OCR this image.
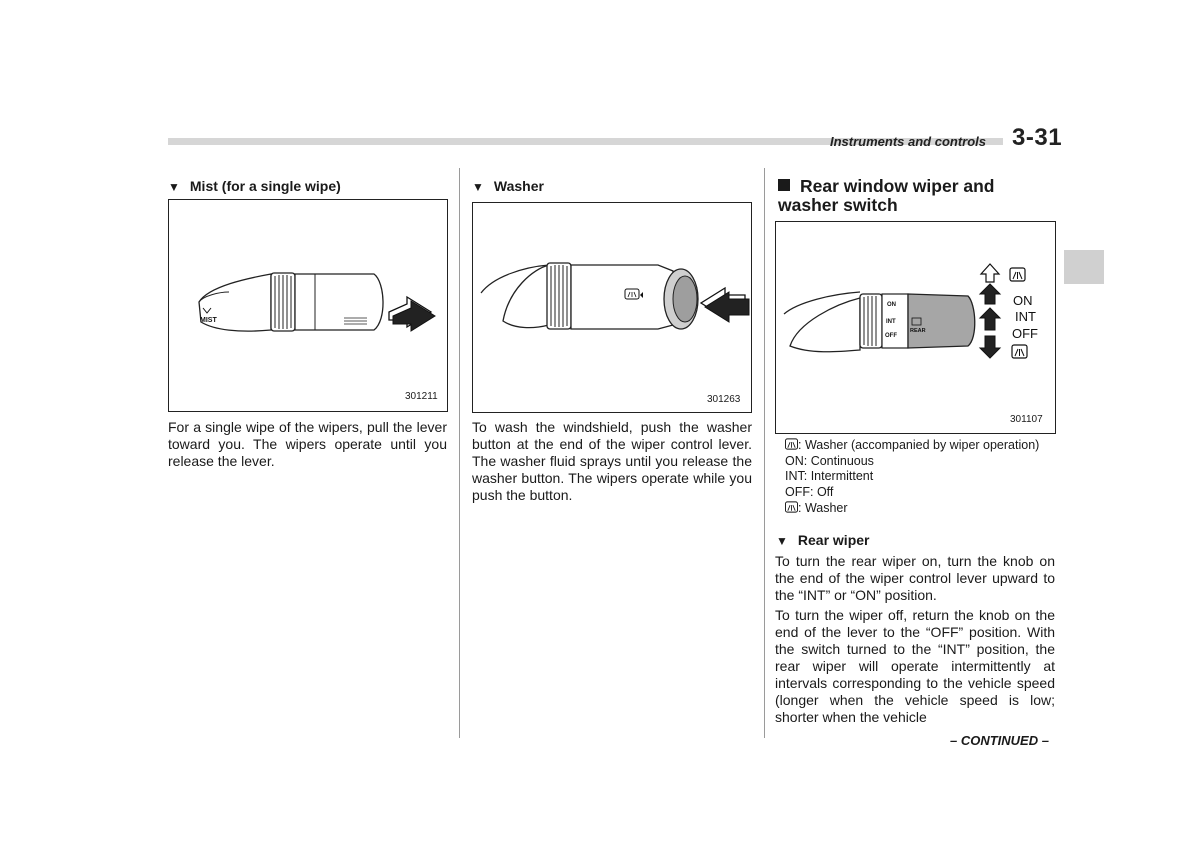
Instruments and controls 3-31
▼ Mist (for a single wipe)
MIST
301211

For a single wipe of the wipers, pull the lever toward you. The wipers operate until you release the lever.

▼ Washer
301263

To wash the windshield, push the washer button at the end of the wiper control lever. The washer fluid sprays until you release the washer button. The wipers operate while you push the button.

Rear window wiper and washer switch
ON
INT
OFF
REAR
ON
INT
OFF
301107
: Washer (accompanied by wiper operation)
ON: Continuous
INT: Intermittent
OFF: Off
: Washer
▼ Rear wiper

To turn the rear wiper on, turn the knob on the end of the wiper control lever upward to the “INT” or “ON” position.

To turn the wiper off, return the knob on the end of the lever to the “OFF” position. With the switch turned to the “INT” position, the rear wiper will operate intermittently at intervals corresponding to the vehicle speed (longer when the vehicle speed is low; shorter when the vehicle

– CONTINUED –
